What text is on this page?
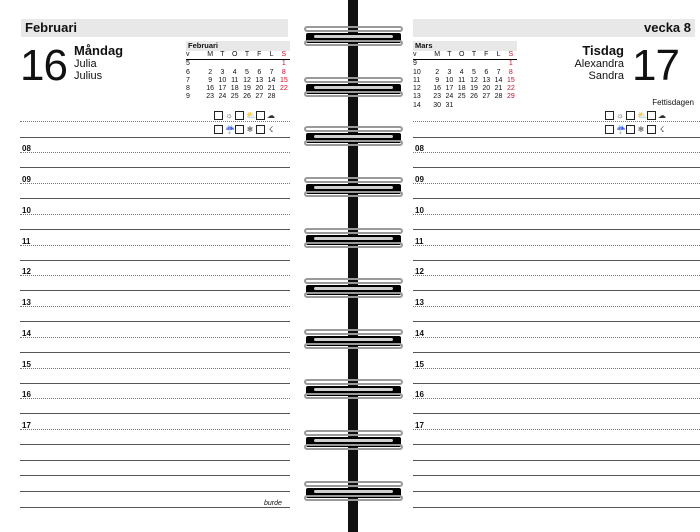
Februari
16 Måndag
Julia
Julius
Februari
v	M	T	O	T	F	L	S
5							1
6	2	3	4	5	6	7	8
7	9	10	11	12	13	14	15
8	16	17	18	19	20	21	22
9	23	24	25	26	27	28	
☼ ⛅ ☁
☔ ❄ ☇
08
09
10
11
12
13
14
15
16
17
burde
vecka 8
Mars
v	M	T	O	T	F	L	S
9							1
10	2	3	4	5	6	7	8
11	9	10	11	12	13	14	15
12	16	17	18	19	20	21	22
13	23	24	25	26	27	28	29
14	30	31					
Tisdag
Alexandra
Sandra 17
Fettisdagen
☼ ⛅ ☁
☔ ❄ ☇
08
09
10
11
12
13
14
15
16
17
